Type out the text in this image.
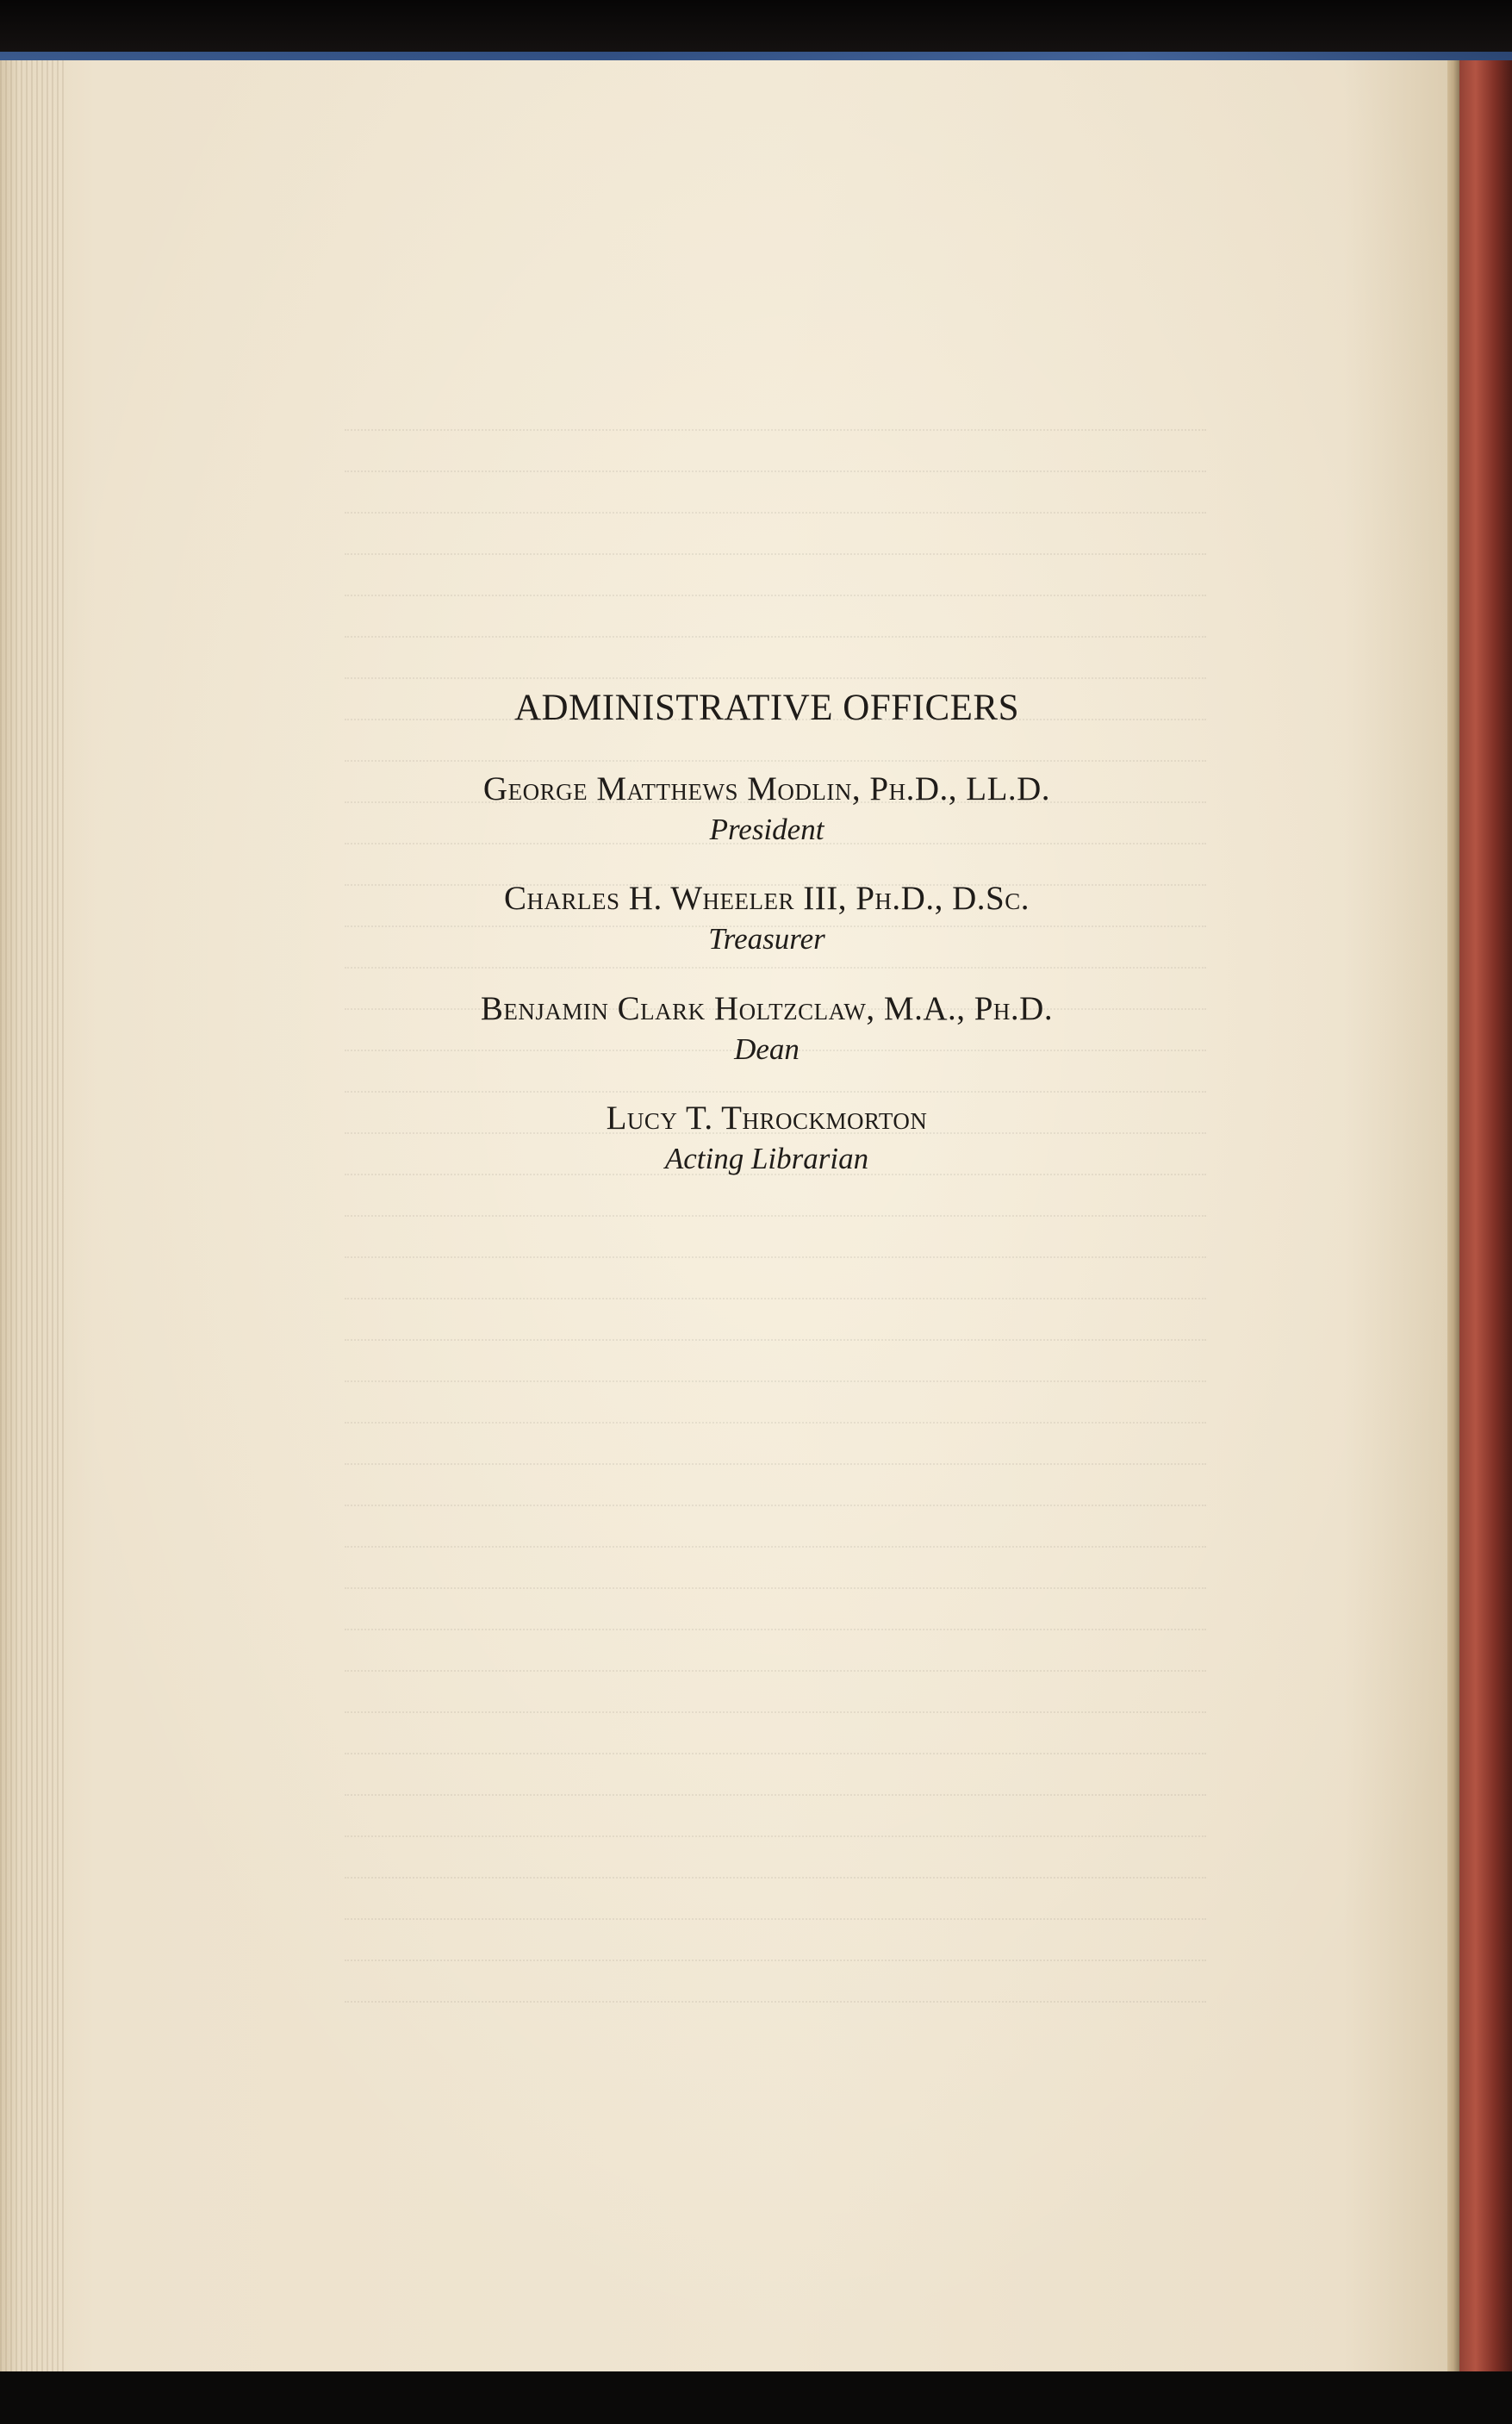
ADMINISTRATIVE OFFICERS

George Matthews Modlin, Ph.D., LL.D.

President

Charles H. Wheeler III, Ph.D., D.Sc.

Treasurer

Benjamin Clark Holtzclaw, M.A., Ph.D.

Dean

Lucy T. Throckmorton

Acting Librarian
